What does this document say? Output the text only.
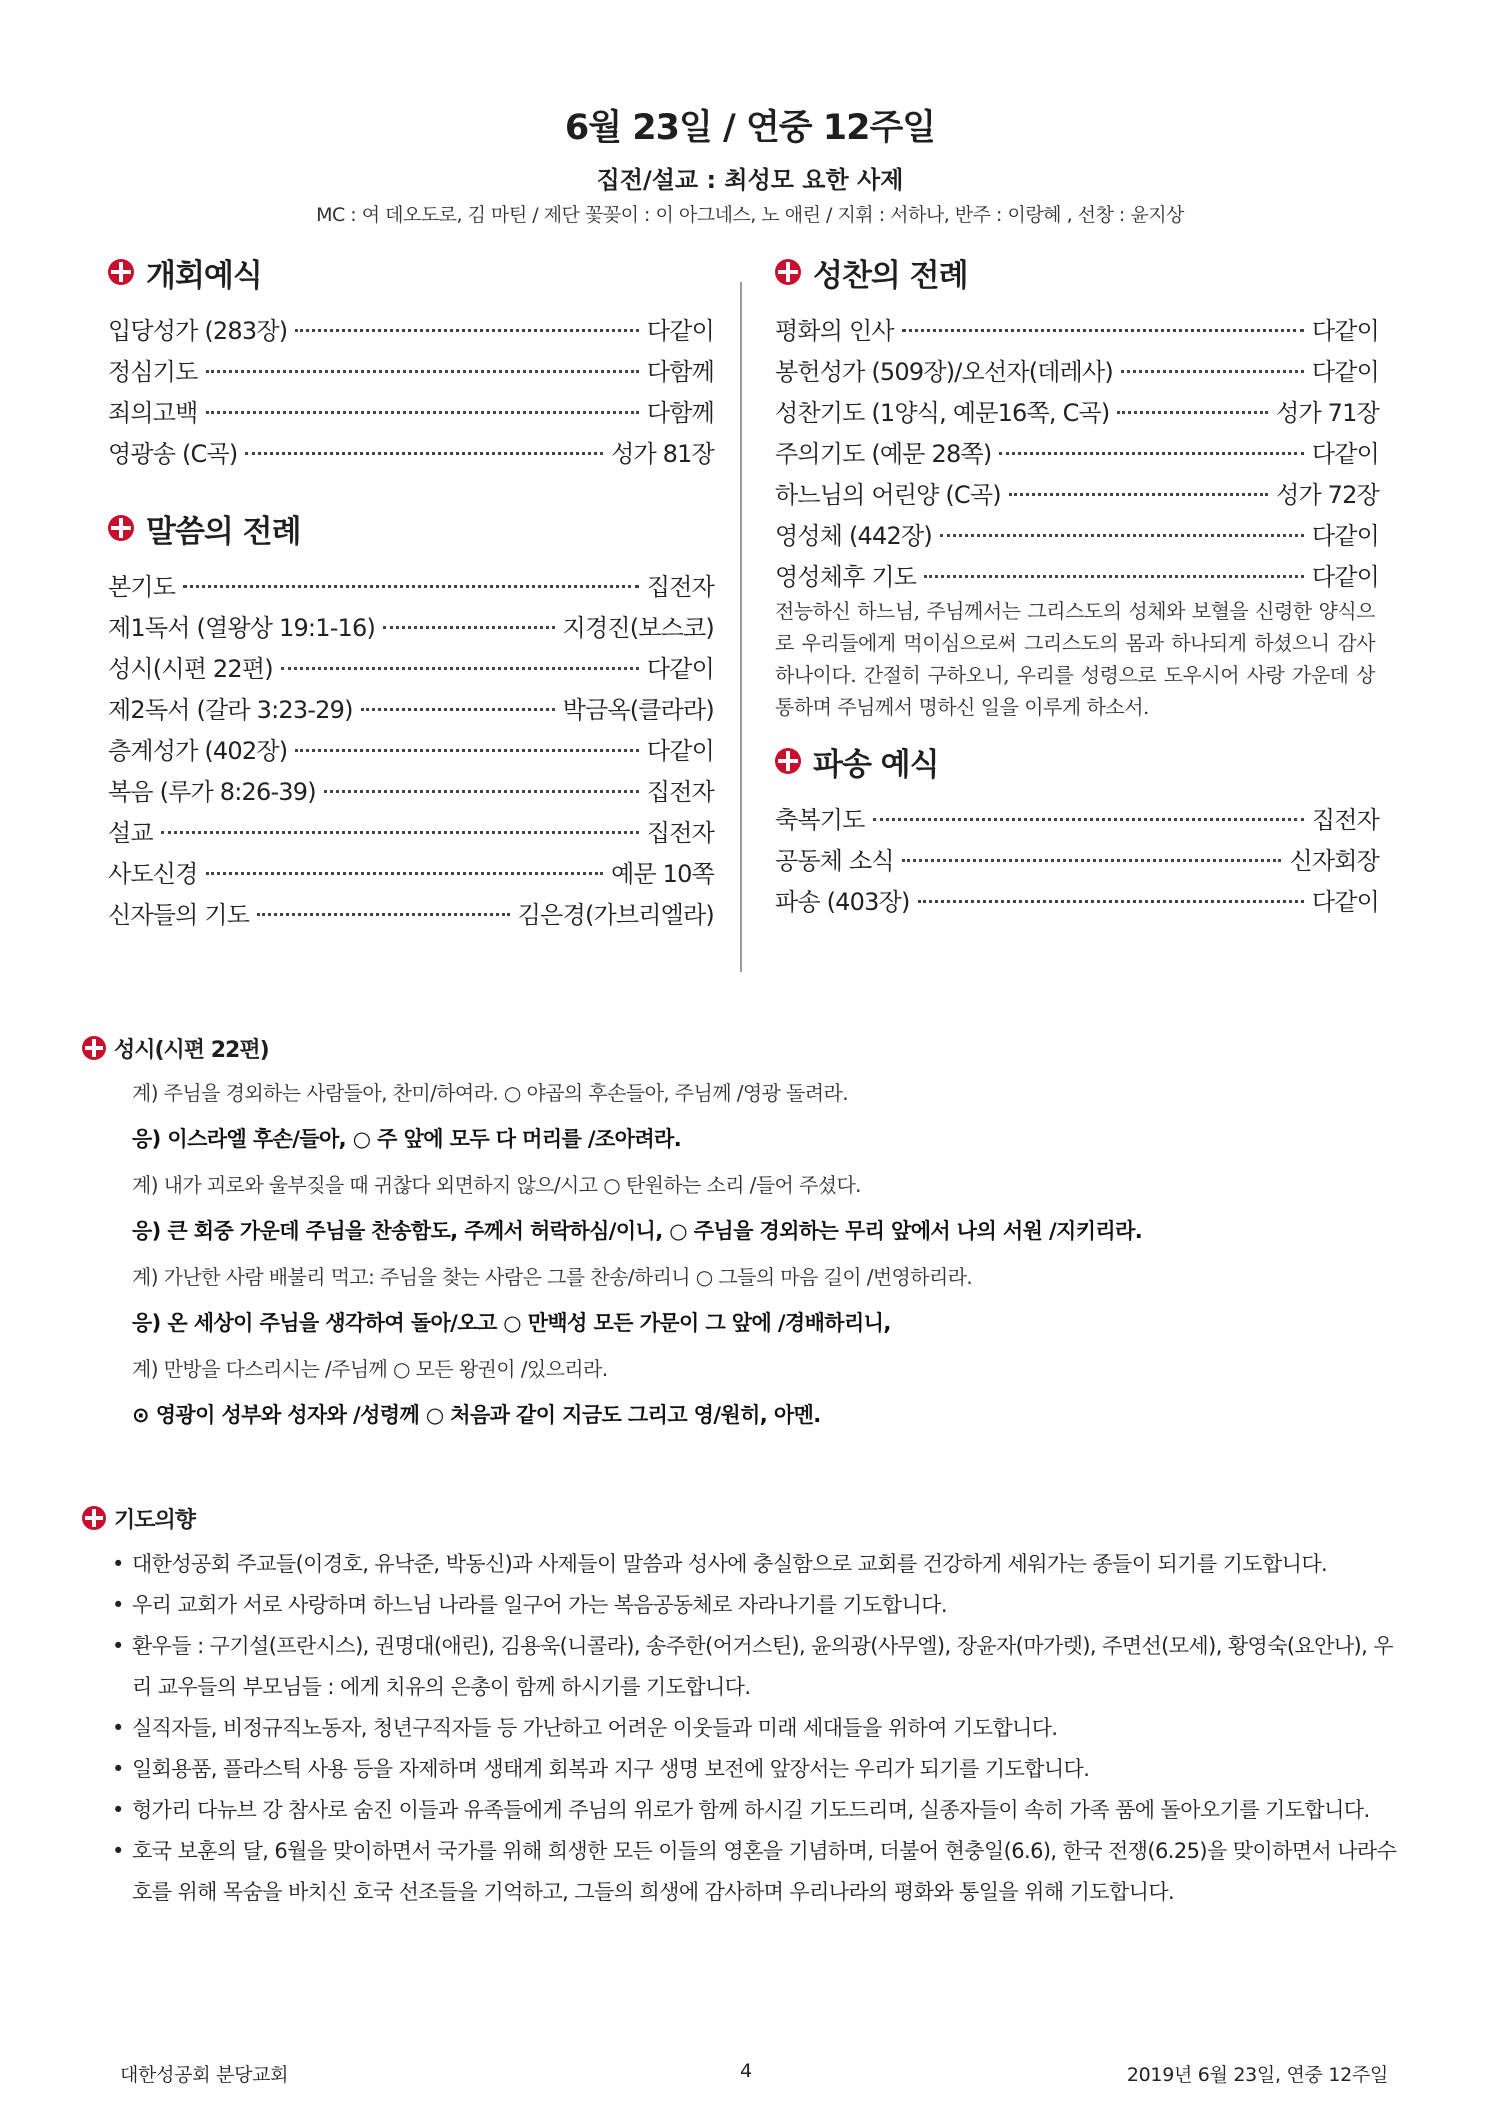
6월 23일 / 연중 12주일
집전/설교 : 최성모 요한 사제
MC : 여 데오도로, 김 마틴 / 제단 꽃꽂이 : 이 아그네스, 노 애린 / 지휘 : 서하나, 반주 : 이랑혜 , 선창 : 윤지상
개회예식
입당성가 (283장)	다같이
정심기도	다함께
죄의고백	다함께
영광송 (C곡)	성가 81장
말씀의 전례
본기도	집전자
제1독서 (열왕상 19:1-16)	지경진(보스코)
성시(시편 22편)	다같이
제2독서 (갈라 3:23-29)	박금옥(클라라)
층계성가 (402장)	다같이
복음 (루가 8:26-39)	집전자
설교	집전자
사도신경	예문 10쪽
신자들의 기도	김은경(가브리엘라)
성찬의 전례
평화의 인사	다같이
봉헌성가 (509장)/오선자(데레사)	다같이
성찬기도 (1양식, 예문16쪽, C곡)	성가 71장
주의기도 (예문 28쪽)	다같이
하느님의 어린양 (C곡)	성가 72장
영성체 (442장)	다같이
영성체후 기도	다같이
전능하신 하느님, 주님께서는 그리스도의 성체와 보혈을 신령한 양식으로 우리들에게 먹이심으로써 그리스도의 몸과 하나되게 하셨으니 감사하나이다. 간절히 구하오니, 우리를 성령으로 도우시어 사랑 가운데 상통하며 주님께서 명하신 일을 이루게 하소서.
파송 예식
축복기도	집전자
공동체 소식	신자회장
파송 (403장)	다같이
성시(시편 22편)
계) 주님을 경외하는 사람들아, 찬미/하여라. ○ 야곱의 후손들아, 주님께 /영광 돌려라.
응) 이스라엘 후손/들아, ○ 주 앞에 모두 다 머리를 /조아려라.
계) 내가 괴로와 울부짖을 때 귀찮다 외면하지 않으/시고 ○ 탄원하는 소리 /들어 주셨다.
응) 큰 회중 가운데 주님을 찬송함도, 주께서 허락하심/이니, ○ 주님을 경외하는 무리 앞에서 나의 서원 /지키리라.
계) 가난한 사람 배불리 먹고: 주님을 찾는 사람은 그를 찬송/하리니 ○ 그들의 마음 길이 /번영하리라.
응) 온 세상이 주님을 생각하여 돌아/오고 ○ 만백성 모든 가문이 그 앞에 /경배하리니,
계) 만방을 다스리시는 /주님께 ○ 모든 왕권이 /있으리라.
⊙ 영광이 성부와 성자와 /성령께 ○ 처음과 같이 지금도 그리고 영/원히, 아멘.
기도의향
• 대한성공회 주교들(이경호, 유낙준, 박동신)과 사제들이 말씀과 성사에 충실함으로 교회를 건강하게 세워가는 종들이 되기를 기도합니다.
• 우리 교회가 서로 사랑하며 하느님 나라를 일구어 가는 복음공동체로 자라나기를 기도합니다.
• 환우들 : 구기설(프란시스), 권명대(애린), 김용욱(니콜라), 송주한(어거스틴), 윤의광(사무엘), 장윤자(마가렛), 주면선(모세), 황영숙(요안나), 우리 교우들의 부모님들 : 에게 치유의 은총이 함께 하시기를 기도합니다.
• 실직자들, 비정규직노동자, 청년구직자들 등 가난하고 어려운 이웃들과 미래 세대들을 위하여 기도합니다.
• 일회용품, 플라스틱 사용 등을 자제하며 생태계 회복과 지구 생명 보전에 앞장서는 우리가 되기를 기도합니다.
• 헝가리 다뉴브 강 참사로 숨진 이들과 유족들에게 주님의 위로가 함께 하시길 기도드리며, 실종자들이 속히 가족 품에 돌아오기를 기도합니다.
• 호국 보훈의 달, 6월을 맞이하면서 국가를 위해 희생한 모든 이들의 영혼을 기념하며, 더불어 현충일(6.6), 한국 전쟁(6.25)을 맞이하면서 나라수호를 위해 목숨을 바치신 호국 선조들을 기억하고, 그들의 희생에 감사하며 우리나라의 평화와 통일을 위해 기도합니다.
대한성공회 분당교회	4	2019년 6월 23일, 연중 12주일
